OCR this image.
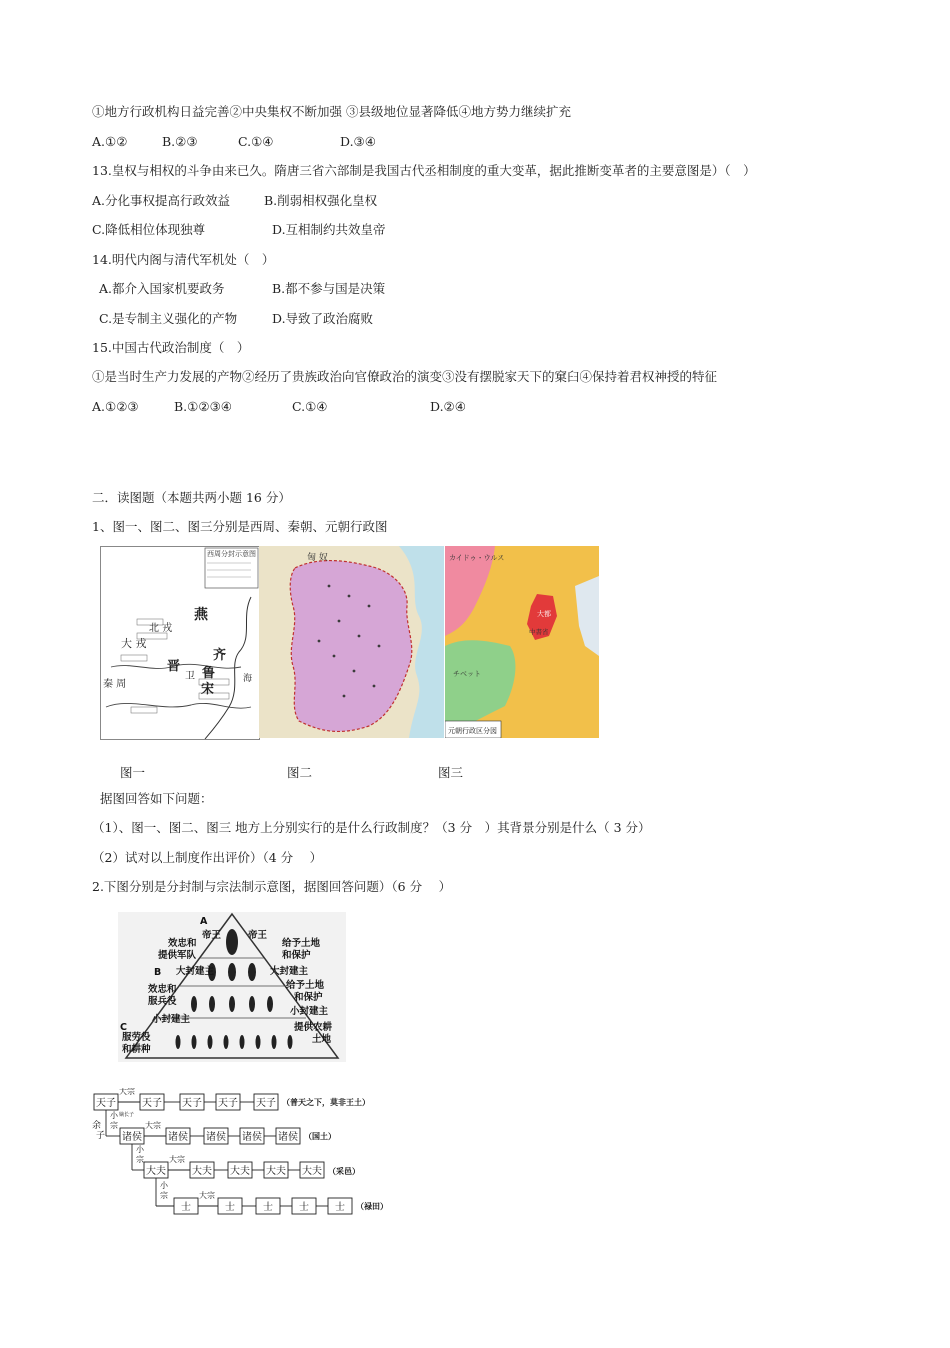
①地方行政机构日益完善②中央集权不断加强 ③县级地位显著降低④地方势力继续扩充
A.①②	B.②③	C.①④	D.③④
13.皇权与相权的斗争由来已久。隋唐三省六部制是我国古代丞相制度的重大变革，据此推断变革者的主要意图是）（　）
A.分化事权提高行政效益	B.削弱相权强化皇权
C.降低相位体现独尊	D.互相制约共效皇帝
14.明代内阁与清代军机处（　）
A.都介入国家机要政务	B.都不参与国是决策
C.是专制主义强化的产物	D.导致了政治腐败
15.中国古代政治制度（　）
①是当时生产力发展的产物②经历了贵族政治向官僚政治的演变③没有摆脱家天下的窠臼④保持着君权神授的特征
A.①②③	B.①②③④	C.①④	D.②④
二．读图题（本题共两小题 16 分）
1、图一、图二、图三分别是西周、秦朝、元朝行政图
西周分封示意图
燕
晋 鲁
齐
宋
卫
大 戎
北 戎
秦 周	海
匈 奴	カイドゥ・ウルス
チベット
大都
中書省
元朝行政区分図
图一	图二	图三
据图回答如下问题：
（1）、图一、图二、图三 地方上分别实行的是什么行政制度？（3 分　）其背景分别是什么（ 3 分）
（2）试对以上制度作出评价）（4 分　 ）
2.下图分别是分封制与宗法制示意图，据图回答问题）（6 分　 ）
A
B
C
帝王	帝王
效忠和
提供军队
大封建主
效忠和
服兵役
小封建主
服劳役
和耕种
给予土地
和保护
大封建主
给予土地
和保护
小封建主
提供农耕
土地
天子	天子 天子 天子 天子
诸侯	诸侯 诸侯 诸侯 诸侯
大夫	大夫 大夫 大夫 大夫
士	士	士	士	士
（普天之下，莫非王土）
（国土）
（采邑）
（禄田）
大宗
嫡长子
大宗
大宗
大宗
小
宗
小
宗
小
宗
余
子
